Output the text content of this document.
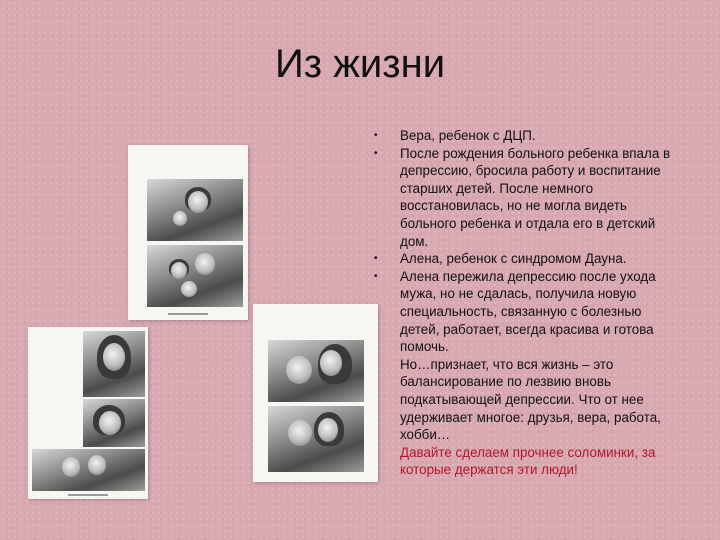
Из жизни
• Вера, ребенок с ДЦП.
• После рождения больного ребенка впала в депрессию, бросила работу и воспитание старших детей. После немного восстановилась, но не могла видеть больного ребенка и отдала его в детский дом.
• Алена, ребенок с синдромом Дауна.
• Алена пережила депрессию после ухода мужа, но не сдалась, получила новую специальность, связанную с болезнью детей, работает, всегда красива и готова помочь.
Но…признает, что вся жизнь – это балансирование по лезвию вновь подкатывающей депрессии. Что от нее удерживает многое: друзья, вера, работа, хобби…
Давайте сделаем прочнее соломинки, за которые держатся эти люди!
